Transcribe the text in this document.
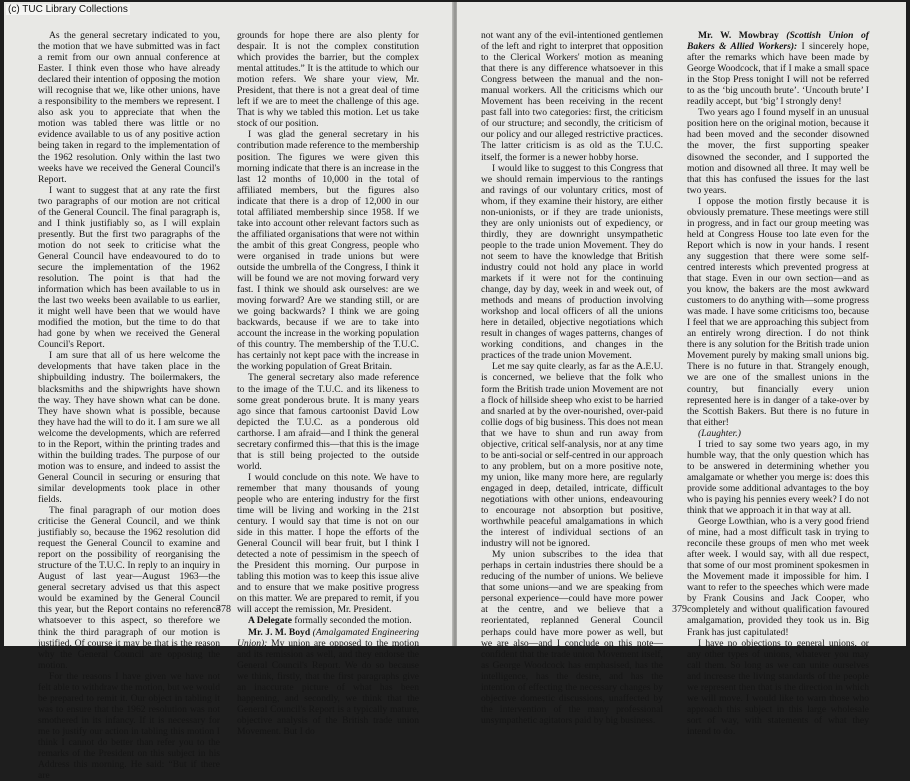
(c) TUC Library Collections

As the general secretary indicated to you, the motion that we have submitted was in fact a remit from our own annual conference at Easter. I think even those who have already declared their intention of opposing the motion will recognise that we, like other unions, have a responsibility to the members we represent. I also ask you to appreciate that when the motion was tabled there was little or no evidence available to us of any positive action being taken in regard to the implementation of the 1962 resolution. Only within the last two weeks have we received the General Council's Report.

I want to suggest that at any rate the first two paragraphs of our motion are not critical of the General Council. The final paragraph is, and I think justifiably so, as I will explain presently. But the first two paragraphs of the motion do not seek to criticise what the General Council have endeavoured to do to secure the implementation of the 1962 resolution. The point is that had the information which has been available to us in the last two weeks been available to us earlier, it might well have been that we would have modified the motion, but the time to do that had gone by when we received the General Council's Report.

I am sure that all of us here welcome the developments that have taken place in the shipbuilding industry. The boilermakers, the blacksmiths and the shipwrights have shown the way. They have shown what can be done. They have shown what is possible, because they have had the will to do it. I am sure we all welcome the developments, which are referred to in the Report, within the printing trades and within the building trades. The purpose of our motion was to ensure, and indeed to assist the General Council in securing or ensuring that similar developments took place in other fields.

The final paragraph of our motion does criticise the General Council, and we think justifiably so, because the 1962 resolution did request the General Council to examine and report on the possibility of reorganising the structure of the T.U.C. In reply to an inquiry in August of last year—August 1963—the general secretary advised us that this aspect would be examined by the General Council this year, but the Report contains no reference whatsoever to this aspect, so therefore we think the third paragraph of our motion is justified. Of course it may be that is the reason why the General Council are opposing the motion.

For the reasons I have given we have not felt able to withdraw the motion, but we would be prepared to remit it. Our object in tabling it was to ensure that the 1962 resolution was not smothered in its infancy. If it is necessary for me to justify our action in tabling this motion I think I cannot do better than refer you to the remarks of the President on this subject in his Address this morning. He said: “But if there are

grounds for hope there are also plenty for despair. It is not the complex constitution which provides the barrier, but the complex mental attitudes.” It is the attitude to which our motion refers. We share your view, Mr. President, that there is not a great deal of time left if we are to meet the challenge of this age. That is why we tabled this motion. Let us take stock of our position.

I was glad the general secretary in his contribution made reference to the membership position. The figures we were given this morning indicate that there is an increase in the last 12 months of 10,000 in the total of affiliated members, but the figures also indicate that there is a drop of 12,000 in our total affiliated membership since 1958. If we take into account other relevant factors such as the affiliated organisations that were not within the ambit of this great Congress, people who were organised in trade unions but were outside the umbrella of the Congress, I think it will be found we are not moving forward very fast. I think we should ask ourselves: are we moving forward? Are we standing still, or are we going backwards? I think we are going backwards, because if we are to take into account the increase in the working population of this country. The membership of the T.U.C. has certainly not kept pace with the increase in the working population of Great Britain.

The general secretary also made reference to the image of the T.U.C. and its likeness to some great ponderous brute. It is many years ago since that famous cartoonist David Low depicted the T.U.C. as a ponderous old carthorse. I am afraid—and I think the general secretary confirmed this—that this is the image that is still being projected to the outside world.

I would conclude on this note. We have to remember that many thousands of young people who are entering industry for the first time will be living and working in the 21st century. I would say that time is not on our side in this matter. I hope the efforts of the General Council will bear fruit, but I think I detected a note of pessimism in the speech of the President this morning. Our purpose in tabling this motion was to keep this issue alive and to ensure that we make positive progress on this matter. We are prepared to remit, if you will accept the remission, Mr. President.

A Delegate formally seconded the motion.

Mr. J. M. Boyd (Amalgamated Engineering Union): My union are opposed to the motion and its remission as well, and they endorse the General Council's Report. We do so because we think, firstly, that the first paragraphs give an inaccurate picture of what has been happening, and secondly, we think that the General Council's Report is a typically mature, objective analysis of the British trade union Movement. But I do

378

not want any of the evil-intentioned gentlemen of the left and right to interpret that opposition to the Clerical Workers' motion as meaning that there is any difference whatsoever in this Congress between the manual and the non-manual workers. All the criticisms which our Movement has been receiving in the recent past fall into two categories: first, the criticism of our structure; and secondly, the criticism of our policy and our alleged restrictive practices. The latter criticism is as old as the T.U.C. itself, the former is a newer hobby horse.

I would like to suggest to this Congress that we should remain impervious to the rantings and ravings of our voluntary critics, most of whom, if they examine their history, are either non-unionists, or if they are trade unionists, they are only unionists out of expediency, or thirdly, they are downright unsympathetic people to the trade union Movement. They do not seem to have the knowledge that British industry could not hold any place in world markets if it were not for the continuing change, day by day, week in and week out, of methods and means of production involving workshop and local officers of all the unions here in detailed, objective negotiations which result in changes of wages patterns, changes of working conditions, and changes in the practices of the trade union Movement.

Let me say quite clearly, as far as the A.E.U. is concerned, we believe that the folk who form the British trade union Movement are not a flock of hillside sheep who exist to be harried and snarled at by the over-nourished, over-paid collie dogs of big business. This does not mean that we have to shun and run away from objective, critical self-analysis, nor at any time to be anti-social or self-centred in our approach to any problem, but on a more positive note, my union, like many more here, are regularly engaged in deep, detailed, intricate, difficult negotiations with other unions, endeavouring to encourage not absorption but positive, worthwhile peaceful amalgamations in which the interest of individual sections of an industry will not be ignored.

My union subscribes to the idea that perhaps in certain industries there should be a reducing of the number of unions. We believe that some unions—and we are speaking from personal experience—could have more power at the centre, and we believe that a reorientated, replanned General Council perhaps could have more power as well, but we are also—and I conclude on this note—confident that the trade union Movement itself, as George Woodcock has emphasised, has the intelligence, has the desire, and has the intention of effecting the necessary changes by objective domestic discussions, unaffected by the intervention of the many professional unsympathetic agitators paid by big business.

Mr. W. Mowbray (Scottish Union of Bakers & Allied Workers): I sincerely hope, after the remarks which have been made by George Woodcock, that if I make a small space in the Stop Press tonight I will not be referred to as the ‘big uncouth brute’. ‘Uncouth brute’ I readily accept, but ‘big’ I strongly deny!

Two years ago I found myself in an unusual position here on the original motion, because it had been moved and the seconder disowned the mover, the first supporting speaker disowned the seconder, and I supported the motion and disowned all three. It may well be that this has confused the issues for the last two years.

I oppose the motion firstly because it is obviously premature. These meetings were still in progress, and in fact our group meeting was held at Congress House too late even for the Report which is now in your hands. I resent any suggestion that there were some self-centred interests which prevented progress at that stage. Even in our own section—and as you know, the bakers are the most awkward customers to do anything with—some progress was made. I have some criticisms too, because I feel that we are approaching this subject from an entirely wrong direction. I do not think there is any solution for the British trade union Movement purely by making small unions big. There is no future in that. Strangely enough, we are one of the smallest unions in the country, but financially every union represented here is in danger of a take-over by the Scottish Bakers. But there is no future in that either!

(Laughter.)

I tried to say some two years ago, in my humble way, that the only question which has to be answered in determining whether you amalgamate or whether you merge is: does this provide some additional advantages to the boy who is paying his pennies every week? I do not think that we approach it in that way at all.

George Lowthian, who is a very good friend of mine, had a most difficult task in trying to reconcile these groups of men who met week after week. I would say, with all due respect, that some of our most prominent spokesmen in the Movement made it impossible for him. I want to refer to the speeches which were made by Frank Cousins and Jack Cooper, who completely and without qualification favoured amalgamation, provided they took us in. Big Frank has just capitulated!

I have no objections to general unions, or any other types of unions, whatever you may call them. So long as we can unite ourselves and increase the living standards of the people we represent then that is the direction in which we will move. I would like to warn those who approach this subject in this large wholesale sort of way, with statements of what they intend to do.

379
